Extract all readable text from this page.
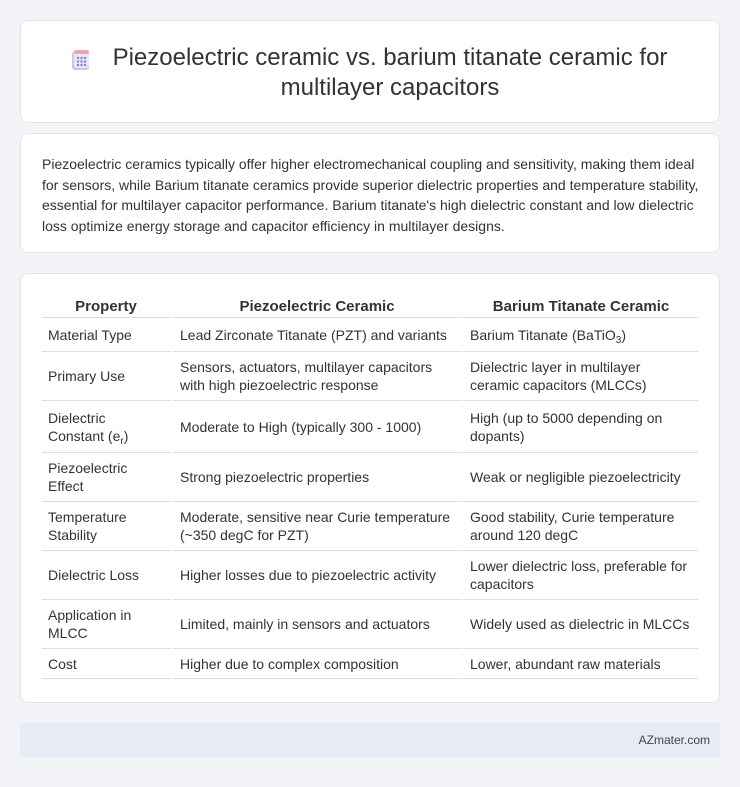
Piezoelectric ceramic vs. barium titanate ceramic for multilayer capacitors

Piezoelectric ceramics typically offer higher electromechanical coupling and sensitivity, making them ideal for sensors, while Barium titanate ceramics provide superior dielectric properties and temperature stability, essential for multilayer capacitor performance. Barium titanate's high dielectric constant and low dielectric loss optimize energy storage and capacitor efficiency in multilayer designs.

Property	Piezoelectric Ceramic	Barium Titanate Ceramic
Material Type	Lead Zirconate Titanate (PZT) and variants	Barium Titanate (BaTiO$_3$)
Primary Use	Sensors, actuators, multilayer capacitors with high piezoelectric response	Dielectric layer in multilayer ceramic capacitors (MLCCs)
Dielectric Constant $(e_r)$	Moderate to High (typically 300 - 1000)	High (up to 5000 depending on dopants)
Piezoelectric Effect	Strong piezoelectric properties	Weak or negligible piezoelectricity
Temperature Stability	Moderate, sensitive near Curie temperature (~350 degC for PZT)	Good stability, Curie temperature around 120 degC
Dielectric Loss	Higher losses due to piezoelectric activity	Lower dielectric loss, preferable for capacitors
Application in MLCC	Limited, mainly in sensors and actuators	Widely used as dielectric in MLCCs
Cost	Higher due to complex composition	Lower, abundant raw materials
AZmater.com
